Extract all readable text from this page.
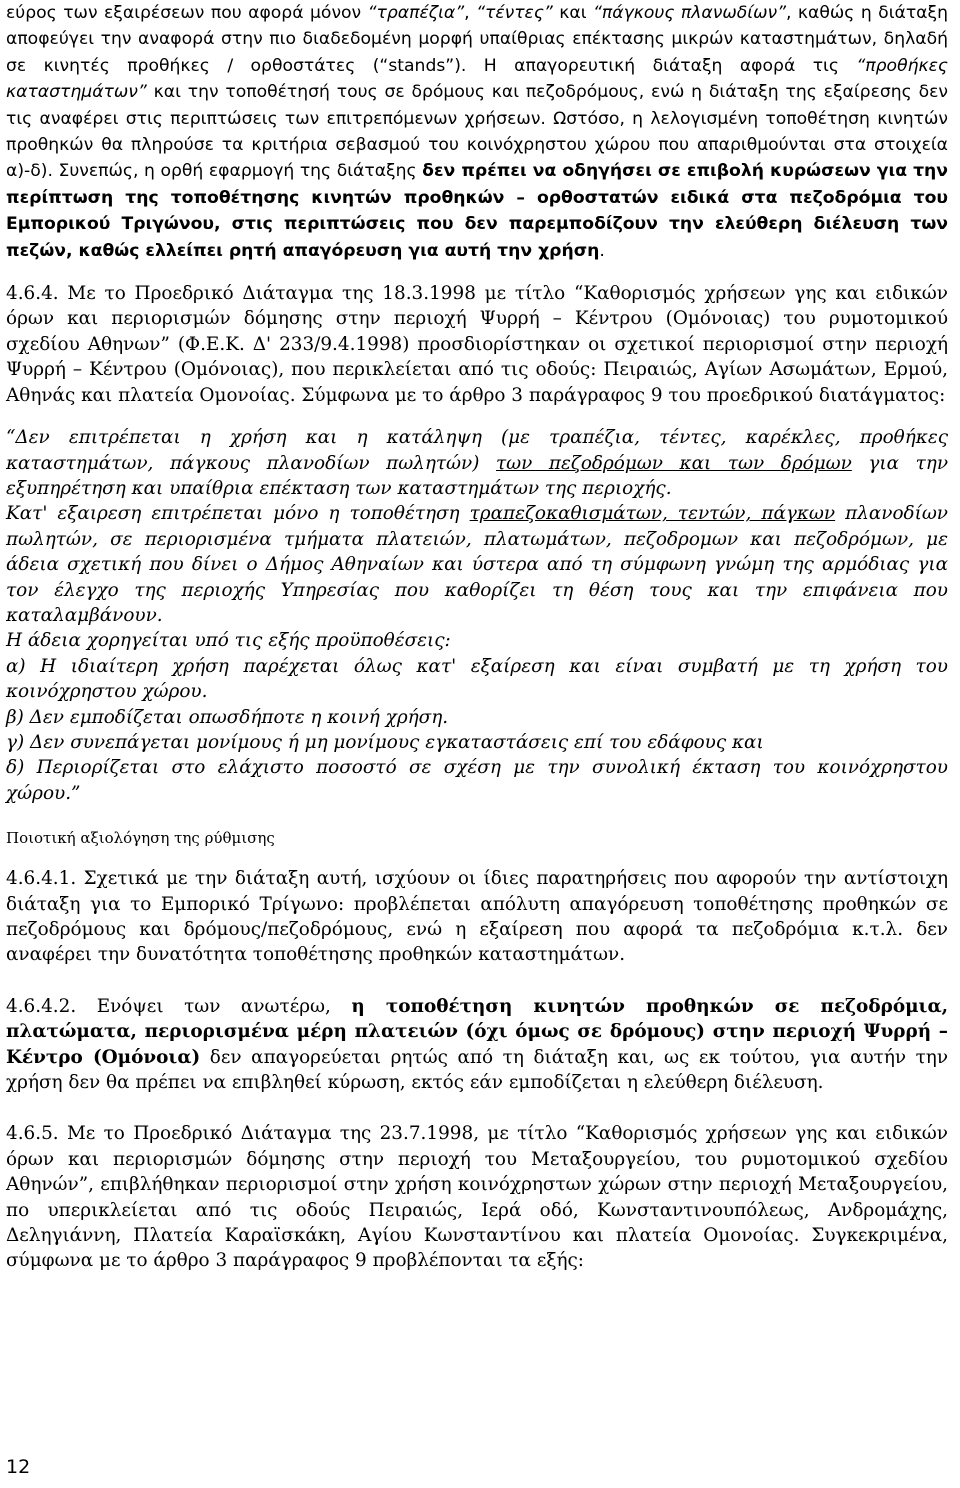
εύρος των εξαιρέσεων που αφορά μόνον “τραπέζια”, “τέντες” και “πάγκους πλανωδίων”, καθώς η διάταξη αποφεύγει την αναφορά στην πιο διαδεδομένη μορφή υπαίθριας επέκτασης μικρών καταστημάτων, δηλαδή σε κινητές προθήκες / ορθοστάτες (“stands”). Η απαγορευτική διάταξη αφορά τις “προθήκες καταστημάτων” και την τοποθέτησή τους σε δρόμους και πεζοδρόμους, ενώ η διάταξη της εξαίρεσης δεν τις αναφέρει στις περιπτώσεις των επιτρεπόμενων χρήσεων. Ωστόσο, η λελογισμένη τοποθέτηση κινητών προθηκών θα πληρούσε τα κριτήρια σεβασμού του κοινόχρηστου χώρου που απαριθμούνται στα στοιχεία α)-δ). Συνεπώς, η ορθή εφαρμογή της διάταξης δεν πρέπει να οδηγήσει σε επιβολή κυρώσεων για την περίπτωση της τοποθέτησης κινητών προθηκών – ορθοστατών ειδικά στα πεζοδρόμια του Εμπορικού Τριγώνου, στις περιπτώσεις που δεν παρεμποδίζουν την ελεύθερη διέλευση των πεζών, καθώς ελλείπει ρητή απαγόρευση για αυτή την χρήση.

4.6.4. Με το Προεδρικό Διάταγμα της 18.3.1998 με τίτλο “Καθορισμός χρήσεων γης και ειδικών όρων και περιορισμών δόμησης στην περιοχή Ψυρρή – Κέντρου (Ομόνοιας) του ρυμοτομικού σχεδίου Αθηνων” (Φ.Ε.Κ. Δ' 233/9.4.1998) προσδιορίστηκαν οι σχετικοί περιορισμοί στην περιοχή Ψυρρή – Κέντρου (Ομόνοιας), που περικλείεται από τις οδούς: Πειραιώς, Αγίων Ασωμάτων, Ερμού, Αθηνάς και πλατεία Ομονοίας. Σύμφωνα με το άρθρο 3 παράγραφος 9 του προεδρικού διατάγματος:

“Δεν επιτρέπεται η χρήση και η κατάληψη (με τραπέζια, τέντες, καρέκλες, προθήκες καταστημάτων, πάγκους πλανοδίων πωλητών) των πεζοδρόμων και των δρόμων για την εξυπηρέτηση και υπαίθρια επέκταση των καταστημάτων της περιοχής.

Κατ' εξαιρεση επιτρέπεται μόνο η τοποθέτηση τραπεζοκαθισμάτων, τεντών, πάγκων πλανοδίων πωλητών, σε περιορισμένα τμήματα πλατειών, πλατωμάτων, πεζοδρομων και πεζοδρόμων, με άδεια σχετική που δίνει ο Δήμος Αθηναίων και ύστερα από τη σύμφωνη γνώμη της αρμόδιας για τον έλεγχο της περιοχής Υπηρεσίας που καθορίζει τη θέση τους και την επιφάνεια που καταλαμβάνουν.

Η άδεια χορηγείται υπό τις εξής προϋποθέσεις:

α) Η ιδιαίτερη χρήση παρέχεται όλως κατ' εξαίρεση και είναι συμβατή με τη χρήση του κοινόχρηστου χώρου.

β) Δεν εμποδίζεται οπωσδήποτε η κοινή χρήση.

γ) Δεν συνεπάγεται μονίμους ή μη μονίμους εγκαταστάσεις επί του εδάφους και

δ) Περιορίζεται στο ελάχιστο ποσοστό σε σχέση με την συνολική έκταση του κοινόχρηστου χώρου.”

Ποιοτική αξιολόγηση της ρύθμισης

4.6.4.1. Σχετικά με την διάταξη αυτή, ισχύουν οι ίδιες παρατηρήσεις που αφορούν την αντίστοιχη διάταξη για το Εμπορικό Τρίγωνο: προβλέπεται απόλυτη απαγόρευση τοποθέτησης προθηκών σε πεζοδρόμους και δρόμους/πεζοδρόμους, ενώ η εξαίρεση που αφορά τα πεζοδρόμια κ.τ.λ. δεν αναφέρει την δυνατότητα τοποθέτησης προθηκών καταστημάτων.

4.6.4.2. Ενόψει των ανωτέρω, η τοποθέτηση κινητών προθηκών σε πεζοδρόμια, πλατώματα, περιορισμένα μέρη πλατειών (όχι όμως σε δρόμους) στην περιοχή Ψυρρή – Κέντρο (Ομόνοια) δεν απαγορεύεται ρητώς από τη διάταξη και, ως εκ τούτου, για αυτήν την χρήση δεν θα πρέπει να επιβληθεί κύρωση, εκτός εάν εμποδίζεται η ελεύθερη διέλευση.

4.6.5. Με το Προεδρικό Διάταγμα της 23.7.1998, με τίτλο “Καθορισμός χρήσεων γης και ειδικών όρων και περιορισμών δόμησης στην περιοχή του Μεταξουργείου, του ρυμοτομικού σχεδίου Αθηνών”, επιβλήθηκαν περιορισμοί στην χρήση κοινόχρηστων χώρων στην περιοχή Μεταξουργείου, πο υπερικλείεται από τις οδούς Πειραιώς, Ιερά οδό, Κωνσταντινουπόλεως, Ανδρομάχης, Δεληγιάννη, Πλατεία Καραϊσκάκη, Αγίου Κωνσταντίνου και πλατεία Ομονοίας. Συγκεκριμένα, σύμφωνα με το άρθρο 3 παράγραφος 9 προβλέπονται τα εξής:

12
